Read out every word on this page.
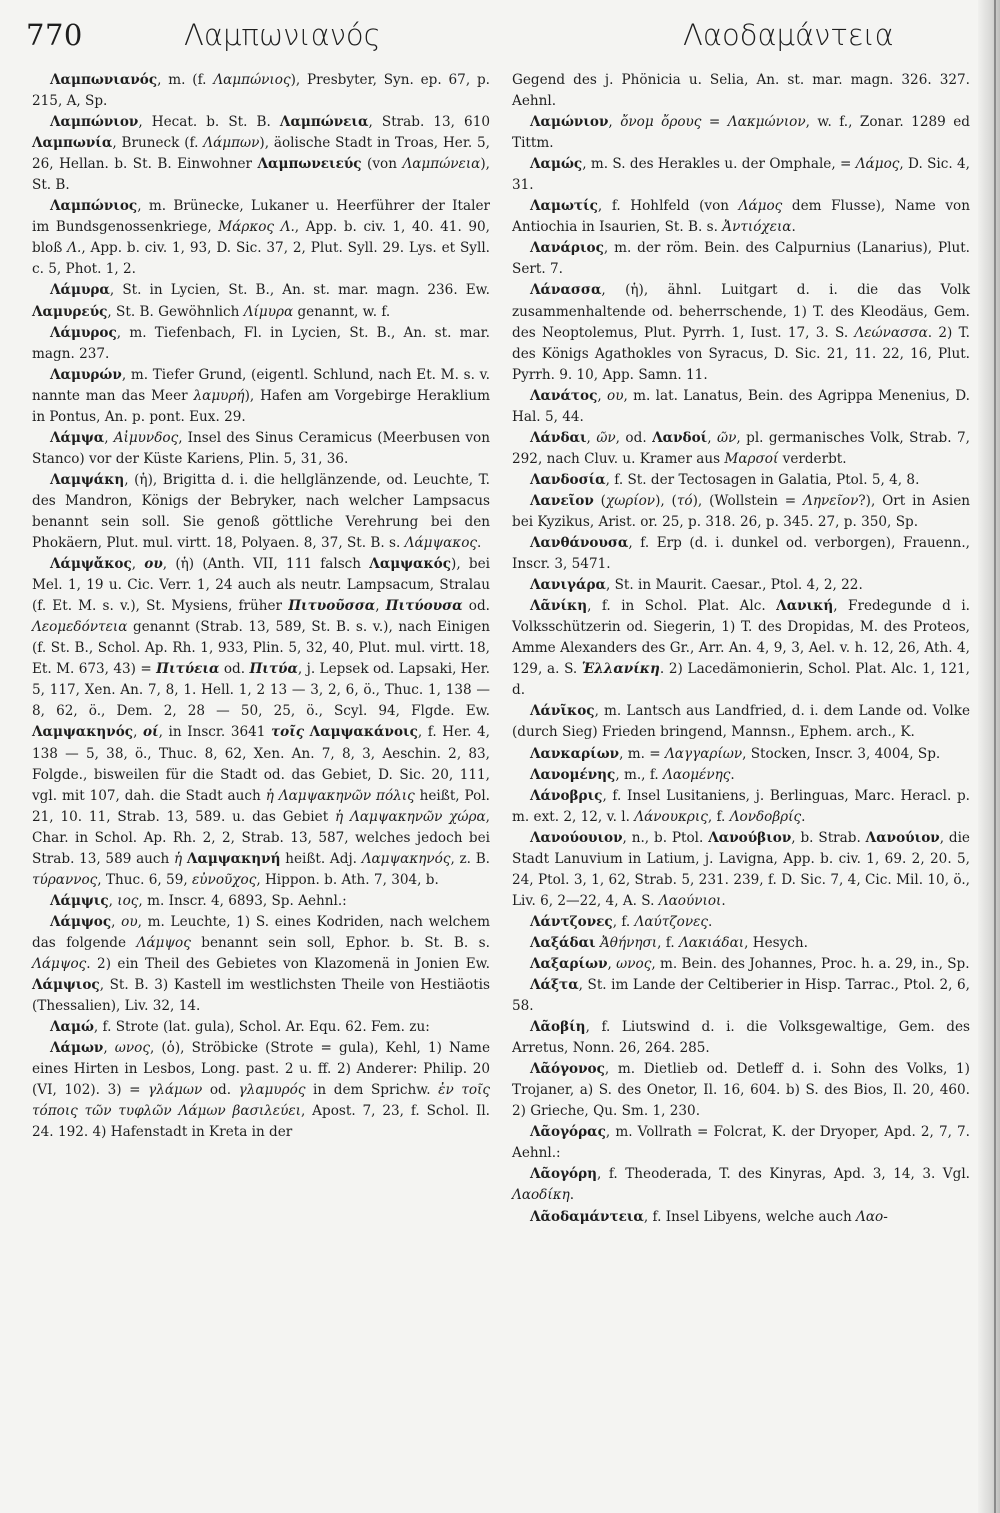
770	Λαμπωνιανός	Λαοδαμάντεια

Λαμπωνιανός, m. (f. Λαμπώνιος), Presbyter, Syn. ep. 67, p. 215, A, Sp.

Λαμπώνιον, Hecat. b. St. B. Λαμπώνεια, Strab. 13, 610 Λαμπωνία, Bruneck (f. Λάμπων), äolische Stadt in Troas, Her. 5, 26, Hellan. b. St. B. Einwohner Λαμπωνειεύς (von Λαμπώνεια), St. B.

Λαμπώνιος, m. Brünecke, Lukaner u. Heerführer der Italer im Bundsgenossenkriege, Μάρκος Λ., App. b. civ. 1, 40. 41. 90, bloß Λ., App. b. civ. 1, 93, D. Sic. 37, 2, Plut. Syll. 29. Lys. et Syll. c. 5, Phot. 1, 2.

Λάμυρα, St. in Lycien, St. B., An. st. mar. magn. 236. Ew. Λαμυρεύς, St. B. Gewöhnlich Λίμυρα genannt, w. f.

Λάμυρος, m. Tiefenbach, Fl. in Lycien, St. B., An. st. mar. magn. 237.

Λαμυρών, m. Tiefer Grund, (eigentl. Schlund, nach Et. M. s. v. nannte man das Meer λαμυρή), Hafen am Vorgebirge Heraklium in Pontus, An. p. pont. Eux. 29.

Λάμψα, Αἰμυνδος, Insel des Sinus Ceramicus (Meerbusen von Stanco) vor der Küste Kariens, Plin. 5, 31, 36.

Λαμψάκη, (ἡ), Brigitta d. i. die hellglänzende, od. Leuchte, T. des Mandron, Königs der Bebryker, nach welcher Lampsacus benannt sein soll. Sie genoß göttliche Verehrung bei den Phokäern, Plut. mul. virtt. 18, Polyaen. 8, 37, St. B. s. Λάμψακος.

Λάμψἄκος, ου, (ἡ) (Anth. VII, 111 falsch Λαμψακός), bei Mel. 1, 19 u. Cic. Verr. 1, 24 auch als neutr. Lampsacum, Stralau (f. Et. M. s. v.), St. Mysiens, früher Πιτυοῦσσα, Πιτύουσα od. Λεομεδόντεια genannt (Strab. 13, 589, St. B. s. v.), nach Einigen (f. St. B., Schol. Ap. Rh. 1, 933, Plin. 5, 32, 40, Plut. mul. virtt. 18, Et. M. 673, 43) = Πιτύεια od. Πιτύα, j. Lepsek od. Lapsaki, Her. 5, 117, Xen. An. 7, 8, 1. Hell. 1, 2 13 — 3, 2, 6, ö., Thuc. 1, 138 — 8, 62, ö., Dem. 2, 28 — 50, 25, ö., Scyl. 94, Flgde. Ew. Λαμψακηνός, οί, in Inscr. 3641 τοῖς Λαμψακάνοις, f. Her. 4, 138 — 5, 38, ö., Thuc. 8, 62, Xen. An. 7, 8, 3, Aeschin. 2, 83, Folgde., bisweilen für die Stadt od. das Gebiet, D. Sic. 20, 111, vgl. mit 107, dah. die Stadt auch ἡ Λαμψακηνῶν πόλις heißt, Pol. 21, 10. 11, Strab. 13, 589. u. das Gebiet ἡ Λαμψακηνῶν χώρα, Char. in Schol. Ap. Rh. 2, 2, Strab. 13, 587, welches jedoch bei Strab. 13, 589 auch ἡ Λαμψακηνή heißt. Adj. Λαμψακηνός, z. B. τύραννος, Thuc. 6, 59, εὐνοῦχος, Hippon. b. Ath. 7, 304, b.

Λάμψις, ιος, m. Inscr. 4, 6893, Sp. Aehnl.:

Λάμψος, ου, m. Leuchte, 1) S. eines Kodriden, nach welchem das folgende Λάμψος benannt sein soll, Ephor. b. St. B. s. Λάμψος. 2) ein Theil des Gebietes von Klazomenä in Jonien Ew. Λάμψιος, St. B. 3) Kastell im westlichsten Theile von Hestiäotis (Thessalien), Liv. 32, 14.

Λαμώ, f. Strote (lat. gula), Schol. Ar. Equ. 62. Fem. zu:

Λάμων, ωνος, (ὁ), Ströbicke (Strote = gula), Kehl, 1) Name eines Hirten in Lesbos, Long. past. 2 u. ff. 2) Anderer: Philip. 20 (VI, 102). 3) = γλάμων od. γλαμυρός in dem Sprichw. ἐν τοῖς τόποις τῶν τυφλῶν Λάμων βασιλεύει, Apost. 7, 23, f. Schol. Il. 24. 192. 4) Hafenstadt in Kreta in der

Gegend des j. Phönicia u. Selia, An. st. mar. magn. 326. 327. Aehnl.

Λαμώνιον, ὄνομ ὄρους = Λακμώνιον, w. f., Zonar. 1289 ed Tittm.

Λαμώς, m. S. des Herakles u. der Omphale, = Λάμος, D. Sic. 4, 31.

Λαμωτίς, f. Hohlfeld (von Λάμος dem Flusse), Name von Antiochia in Isaurien, St. B. s. Ἀντιόχεια.

Λανάριος, m. der röm. Bein. des Calpurnius (Lanarius), Plut. Sert. 7.

Λάνασσα, (ἡ), ähnl. Luitgart d. i. die das Volk zusammenhaltende od. beherrschende, 1) T. des Kleodäus, Gem. des Neoptolemus, Plut. Pyrrh. 1, Iust. 17, 3. S. Λεώνασσα. 2) T. des Königs Agathokles von Syracus, D. Sic. 21, 11. 22, 16, Plut. Pyrrh. 9. 10, App. Samn. 11.

Λανάτος, ου, m. lat. Lanatus, Bein. des Agrippa Menenius, D. Hal. 5, 44.

Λάνδαι, ῶν, od. Λανδοί, ῶν, pl. germanisches Volk, Strab. 7, 292, nach Cluv. u. Kramer aus Μαρσοί verderbt.

Λανδοσία, f. St. der Tectosagen in Galatia, Ptol. 5, 4, 8.

Λανεῖον (χωρίον), (τό), (Wollstein = Ληνεῖον?), Ort in Asien bei Kyzikus, Arist. or. 25, p. 318. 26, p. 345. 27, p. 350, Sp.

Λανθάνουσα, f. Erp (d. i. dunkel od. verborgen), Frauenn., Inscr. 3, 5471.

Λανιγάρα, St. in Maurit. Caesar., Ptol. 4, 2, 22.

Λᾶνίκη, f. in Schol. Plat. Alc. Λανική, Fredegunde d i. Volksschützerin od. Siegerin, 1) T. des Dropidas, M. des Proteos, Amme Alexanders des Gr., Arr. An. 4, 9, 3, Ael. v. h. 12, 26, Ath. 4, 129, a. S. Ἑλλανίκη. 2) Lacedämonierin, Schol. Plat. Alc. 1, 121, d.

Λάνῖκος, m. Lantsch aus Landfried, d. i. dem Lande od. Volke (durch Sieg) Frieden bringend, Mannsn., Ephem. arch., K.

Λανκαρίων, m. = Λαγγαρίων, Stocken, Inscr. 3, 4004, Sp.

Λανομένης, m., f. Λαομένης.

Λάνοβρις, f. Insel Lusitaniens, j. Berlinguas, Marc. Heracl. p. m. ext. 2, 12, v. l. Λάνουκρις, f. Λονδοβρίς.

Λανούουιον, n., b. Ptol. Λανούβιον, b. Strab. Λανούιον, die Stadt Lanuvium in Latium, j. Lavigna, App. b. civ. 1, 69. 2, 20. 5, 24, Ptol. 3, 1, 62, Strab. 5, 231. 239, f. D. Sic. 7, 4, Cic. Mil. 10, ö., Liv. 6, 2—22, 4, A. S. Λαούνιοι.

Λάντζονες, f. Λαύτζονες.

Λαξάδαι Ἀθήνησι, f. Λακιάδαι, Hesych.

Λαξαρίων, ωνος, m. Bein. des Johannes, Proc. h. a. 29, in., Sp.

Λάξτα, St. im Lande der Celtiberier in Hisp. Tarrac., Ptol. 2, 6, 58.

Λᾶοβίη, f. Liutswind d. i. die Volksgewaltige, Gem. des Arretus, Nonn. 26, 264. 285.

Λᾶόγονος, m. Dietlieb od. Detleff d. i. Sohn des Volks, 1) Trojaner, a) S. des Onetor, Il. 16, 604. b) S. des Bios, Il. 20, 460. 2) Grieche, Qu. Sm. 1, 230.

Λᾶογόρας, m. Vollrath = Folcrat, K. der Dryoper, Apd. 2, 7, 7. Aehnl.:

Λᾶογόρη, f. Theoderada, T. des Kinyras, Apd. 3, 14, 3. Vgl. Λαοδίκη.

Λᾶοδαμάντεια, f. Insel Libyens, welche auch Λαο-
